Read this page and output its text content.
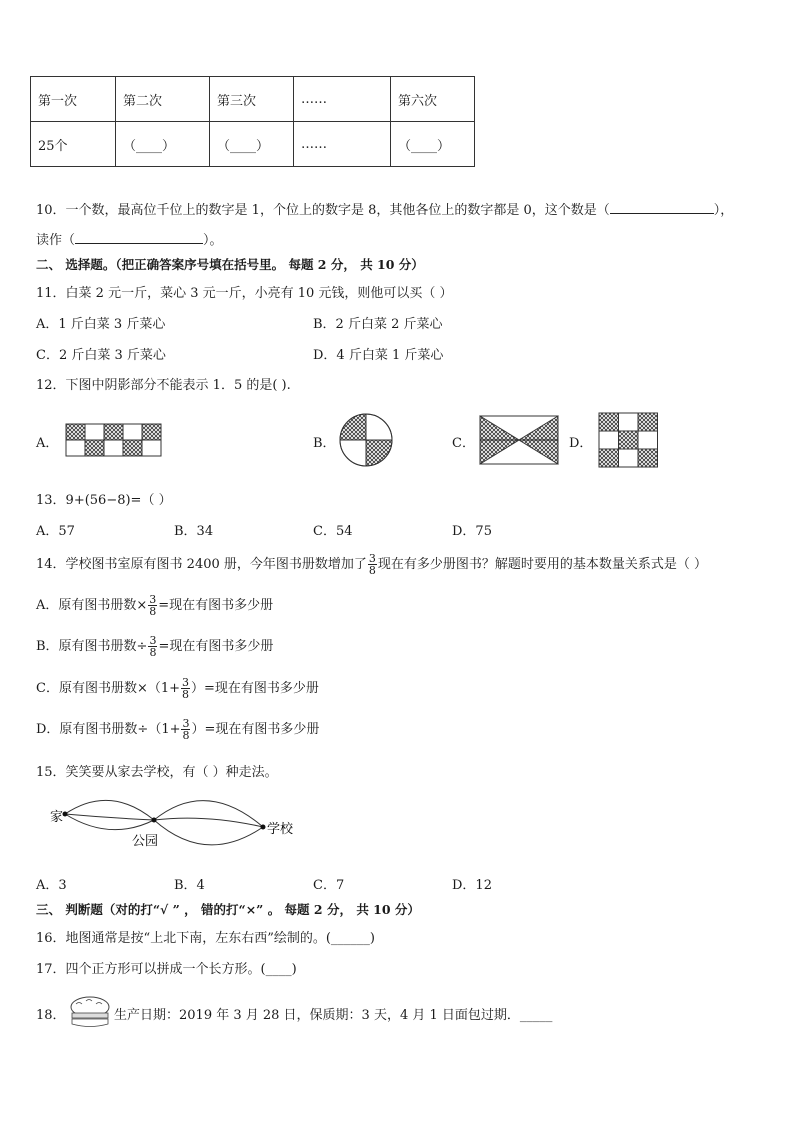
第一次	第二次	第三次	……	第六次
25个	（____）	（____）	……	（____）
10．一个数，最高位千位上的数字是 1，个位上的数字是 8，其他各位上的数字都是 0，这个数是（	），
读作（	）。
二、 选择题。（把正确答案序号填在括号里。 每题 2 分， 共 10 分）
11．白菜 2 元一斤，菜心 3 元一斤，小亮有 10 元钱，则他可以买（ ）
A．1 斤白菜 3 斤菜心	B．2 斤白菜 2 斤菜心
C．2 斤白菜 3 斤菜心	D．4 斤白菜 1 斤菜心
12．下图中阴影部分不能表示 1．5 的是( ).
A．	B．	C．	D．
13．9+(56−8)=（ ）
A．57	B．34	C．54	D．75
14．学校图书室原有图书 2400 册，今年图书册数增加了 $\frac{3}{8}$ 现在有多少册图书？解题时要用的基本数量关系式是（ ）
A．原有图书册数× $\frac{3}{8}$ =现在有图书多少册
B．原有图书册数÷ $\frac{3}{8}$ =现在有图书多少册
C．原有图书册数$\times(1+ \frac{3}{8}$ ）=现在有图书多少册
D．原有图书册数$\div(1+ \frac{3}{8}$ ）=现在有图书多少册
15．笑笑要从家去学校，有（ ）种走法。
家
公园
学校
A．3	B．4	C．7	D．12
三、 判断题（对的打“√ ” ， 错的打“×” 。 每题 2 分， 共 10 分）
16．地图通常是按“上北下南，左东右西”绘制的。(______)
17．四个正方形可以拼成一个长方形。(____)
18．	生产日期：2019 年 3 月 28 日，保质期：3 天，4 月 1 日面包过期．_____
